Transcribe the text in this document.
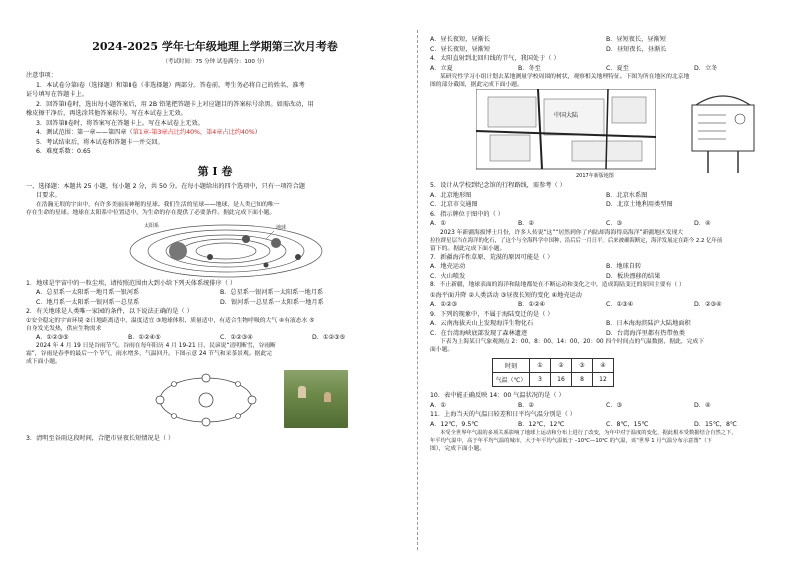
2024-2025 学年七年级地理上学期第三次月考卷
（考试时间：75 分钟 试卷满分：100 分）
注意事项：
1．本试卷分第Ⅰ卷（选择题）和第Ⅱ卷（非选择题）两部分。答卷前，考生务必将自己的姓名、准考
证号填写在答题卡上。
2．回答第Ⅰ卷时，选出每小题答案后，用 2B 铅笔把答题卡上对应题目的答案标号涂黑。如需改动，用
橡皮擦干净后，再选涂其他答案标号。写在本试卷上无效。
3．回答第Ⅱ卷时，将答案写在答题卡上。写在本试卷上无效。
4．测试范围：第一章——第四章（第1章-第3章占比约40%，第4章占比约40%）
5．考试结束后，将本试卷和答题卡一并交回。
6．难度系数：0.65
第 I 卷
一、选择题：本题共 25 小题，每小题 2 分，共 50 分。在每小题给出的四个选项中，只有一项符合题
目要求。
在浩瀚无垠的宇宙中，有许多美丽而神秘的星球。我们生活的星球——地球，是人类已知的唯一
存在生命的星球。地球在太阳系中位置适中，为生命的存在提供了必要条件。据此完成下面小题。
太阳系	地球
1．地球是宇宙中的一粒尘埃，请按照范围由大到小给下列天体系统排序（ ）
A．总星系一太阳系一地月系一银河系	B．总星系一银河系一太阳系一地月系
C．地月系一太阳系一银河系一总星系	D．银河系一总星系一太阳系一地月系
2．有关地球是人类唯一家园的条件，以下说法正确的是（ ）
①安全稳定的宇宙环境 ②日地距离适中，温度适宜 ③地球体积、质量适中，有适合生物呼吸的大气 ④有液态水 ⑤
自身发光发热，供应生物需求
A．①②③⑤	B．①②④⑤	C．①②③④	D．①②③⑤
2024 年 4 月 19 日是谷雨节气。谷雨在每年阳历 4 月 19-21 日，民谚说“清明断雪，谷雨断
霜”，谷雨是春季的最后一个节气，雨水增多，气温回升。下图示意 24 节气和采茶景观。据此完
成下面小题。
3．清明至谷雨这段时间，合肥市昼夜长短情况是（ ）
A．昼长夜短，昼渐长	B．昼短夜长，昼渐短
C．昼长夜短，昼渐短	D．昼短夜长，昼渐长
4．太阳直射到北回归线的节气，我国处于（ ）
A．立夏	B．冬至	C．夏至	D．立冬
某研究性学习小组计划去某地测量学校周围的树状，观察相关地理特征。下图为所在地区的北京地
图的部分截图，据此完成下面小题。
中国大陆
2017年新版地图
5．设计从学校到纪念馆的行程路线，需参考（ ）
A．北京地形图	B．北京水系图
C．北京市交通图	D．北京土地利用类型图
6．指示牌位于图中的（ ）
A．①	B．②	C．③	D．④
2023 年新疆海拔博士月份，许多人传说“这”“居然到你了内陆却海海得高海洋”新疆地区发现大
拉拉群星层当在海洋的化石，了这个与全海科学中国种，沿后后一月日平。后来被确海断定，海洋发展定在距今 2.2 亿年前
留下的。据此完成下面小题。
7．新疆海洋性草原、荒漠的原因可能是（ ）
A．地壳运动	B．地球自转
C．火山喷发	D．板块漂移的结果
8．不止新疆，地球表面的海洋和陆地都处在不断运动和变化之中，造成海陆变迁的原因主要有（ ）
①海平面升降 ②人类活动 ③昼夜长短的变化 ④地壳运动
A．①②③	B．①②④	C．①③④	D．②③④
9．下列的现象中，不属于海陆变迁的是（ ）
A．云南海拔天山上发现海洋生物化石	B．日本海海滨陆沪大陆地面积
C．在台湾海峡底部发现了森林遗迹	D．台湾海洋里都有热带鱼类
下表为上海某日气象观测点 2：00、8：00、14：00、20：00 四个时间点的气温数据，据此，完成下
面小题。
时刻	①	②	③	④
气温（℃）	3	16	8	12
10．表中能正确反映 14：00 气温状况的是（ ）
A．①	B．②	C．③	D．④
11．上海当天的气温日较差和日平均气温分别是（ ）
A．12℃，9.5℃	B．12℃，12℃	C．8℃，15℃	D．15℃，8℃
本受全世界年气温的多项关系影响了地球上运动和分布上进行了改变，为年中对于温度的变化，据此根本受数据结合自然之下，
年平均气温中，高于年平均气温的城市，大于年平均气温低于 –10℃—10℃ 的气温，该“世界 1 月气温分布示意图”（下
图），完成下面小题。
